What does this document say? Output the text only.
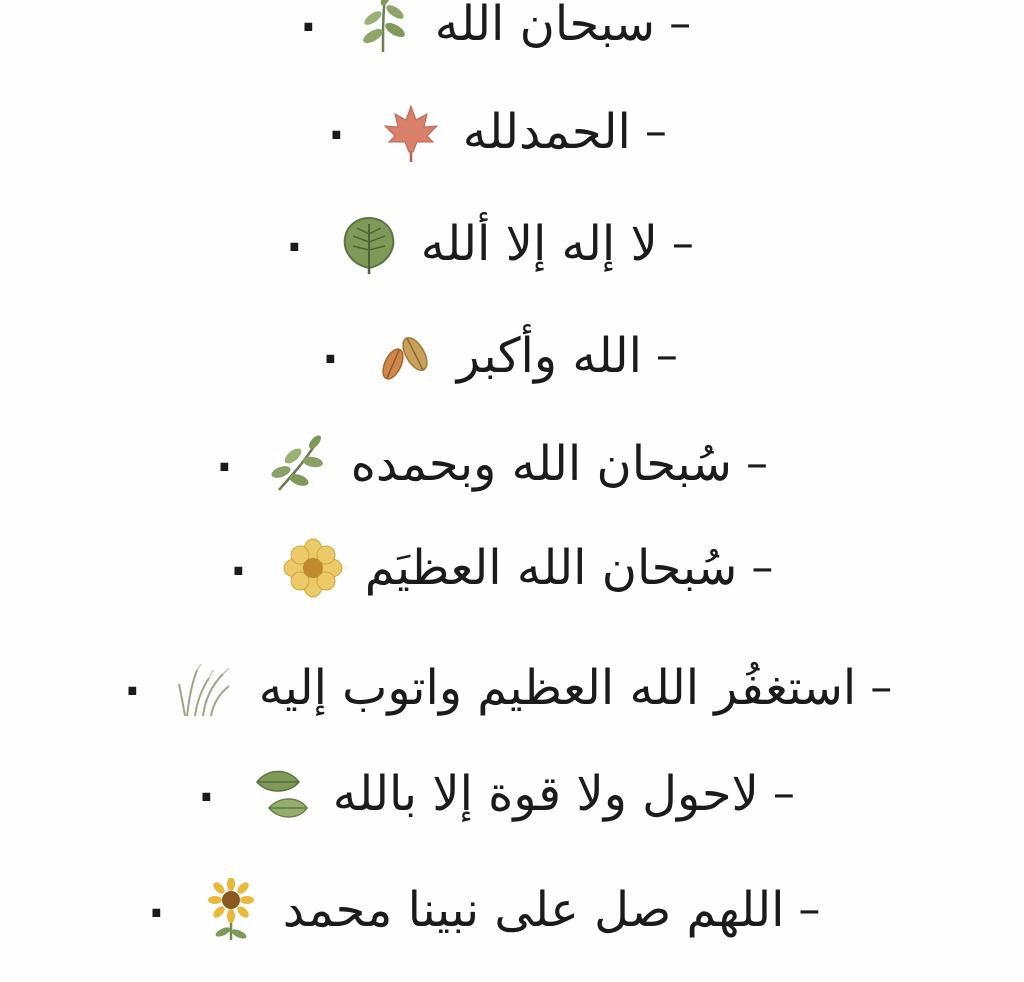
. سبحان الله –
. الحمدلله –
. لا إله إلا ألله –
. الله وأكبر –
. سُبحان الله وبحمده –
. سُبحان الله العظيَم –
. استغفُر الله العظيم واتوب إليه –
. لاحول ولا قوة إلا بالله –
. اللهم صل على نبينا محمد –
